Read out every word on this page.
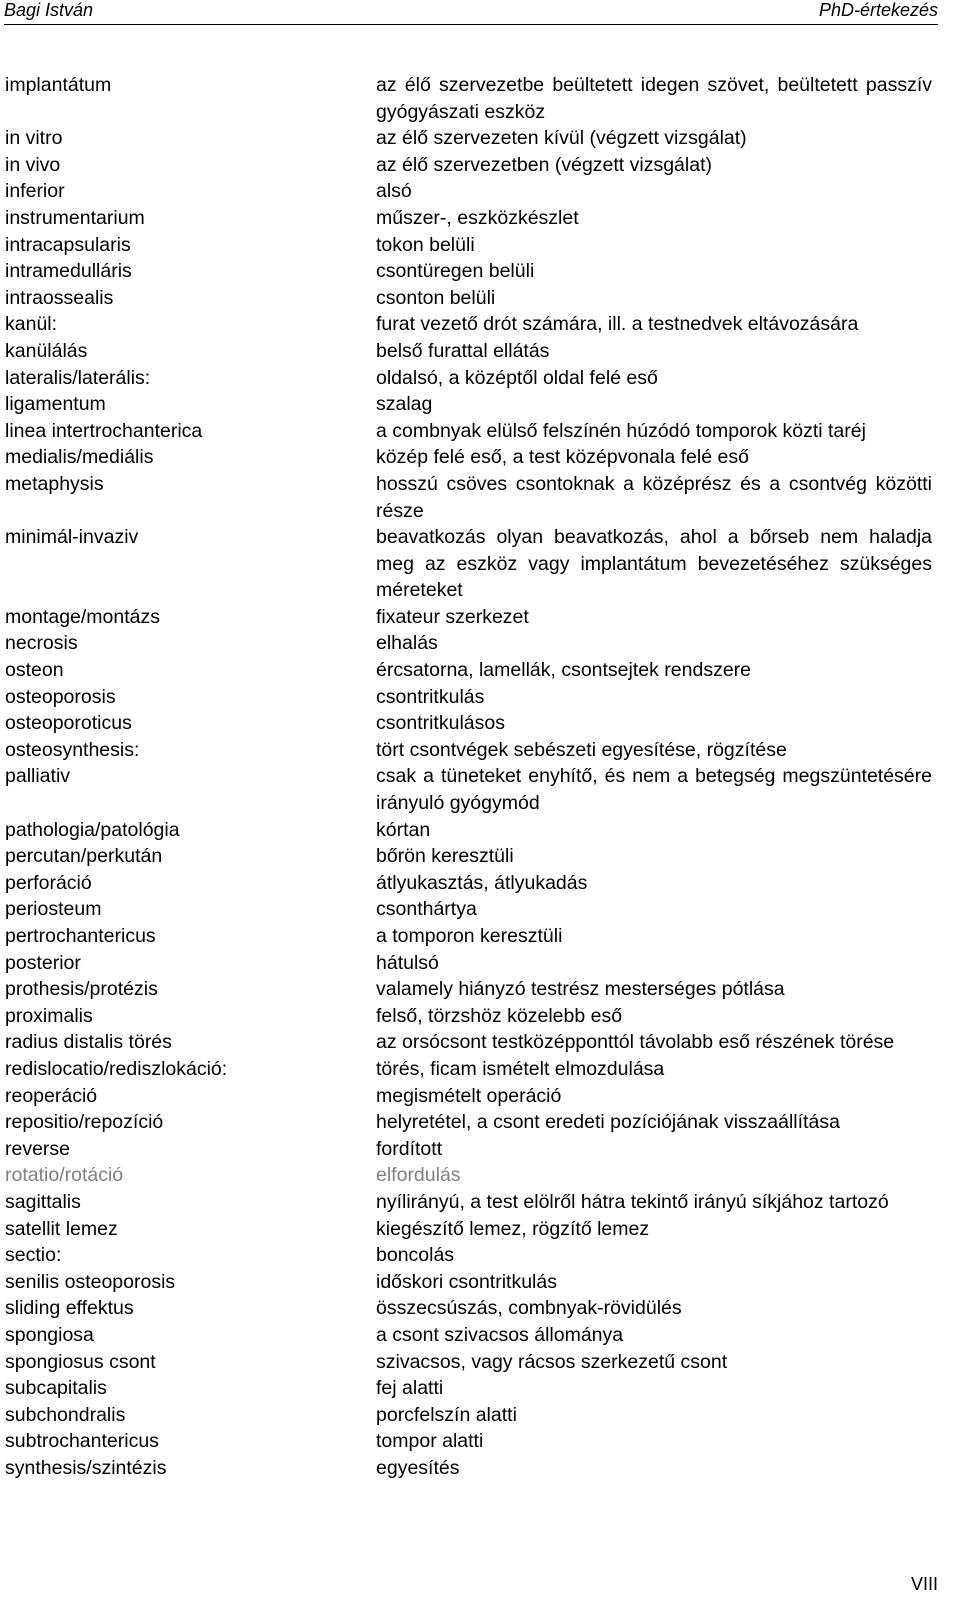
Bagi István	PhD-értekezés
implantátum	az élő szervezetbe beültetett idegen szövet, beültetett passzív gyógyászati eszköz
in vitro	az élő szervezeten kívül (végzett vizsgálat)
in vivo	az élő szervezetben (végzett vizsgálat)
inferior	alsó
instrumentarium	műszer-, eszközkészlet
intracapsularis	tokon belüli
intramedulláris	csontüregen belüli
intraossealis	csonton belüli
kanül:	furat vezető drót számára, ill. a testnedvek eltávozására
kanülálás	belső furattal ellátás
lateralis/laterális:	oldalsó, a középtől oldal felé eső
ligamentum	szalag
linea intertrochanterica	a combnyak elülső felszínén húzódó tomporok közti taréj
medialis/mediális	közép felé eső, a test középvonala felé eső
metaphysis	hosszú csöves csontoknak a középrész és a csontvég közötti része
minimál-invaziv	beavatkozás olyan beavatkozás, ahol a bőrseb nem haladja meg az eszköz vagy implantátum bevezetéséhez szükséges méreteket
montage/montázs	fixateur szerkezet
necrosis	elhalás
osteon	ércsatorna, lamellák, csontsejtek rendszere
osteoporosis	csontritkulás
osteoporoticus	csontritkulásos
osteosynthesis:	tört csontvégek sebészeti egyesítése, rögzítése
palliativ	csak a tüneteket enyhítő, és nem a betegség megszüntetésére irányuló gyógymód
pathologia/patológia	kórtan
percutan/perkután	bőrön keresztüli
perforáció	átlyukasztás, átlyukadás
periosteum	csonthártya
pertrochantericus	a tomporon keresztüli
posterior	hátulsó
prothesis/protézis	valamely hiányzó testrész mesterséges pótlása
proximalis	felső, törzshöz közelebb eső
radius distalis törés	az orsócsont testközépponttól távolabb eső részének törése
redislocatio/rediszlokáció:	törés, ficam ismételt elmozdulása
reoperáció	megismételt operáció
repositio/repozíció	helyretétel, a csont eredeti pozíciójának visszaállítása
reverse	fordított
rotatio/rotáció	elfordulás
sagittalis	nyílirányú, a test elölről hátra tekintő irányú síkjához tartozó
satellit lemez	kiegészítő lemez, rögzítő lemez
sectio:	boncolás
senilis osteoporosis	időskori csontritkulás
sliding effektus	összecsúszás, combnyak-rövidülés
spongiosa	a csont szivacsos állománya
spongiosus csont	szivacsos, vagy rácsos szerkezetű csont
subcapitalis	fej alatti
subchondralis	porcfelszín alatti
subtrochantericus	tompor alatti
synthesis/szintézis	egyesítés
VIII
